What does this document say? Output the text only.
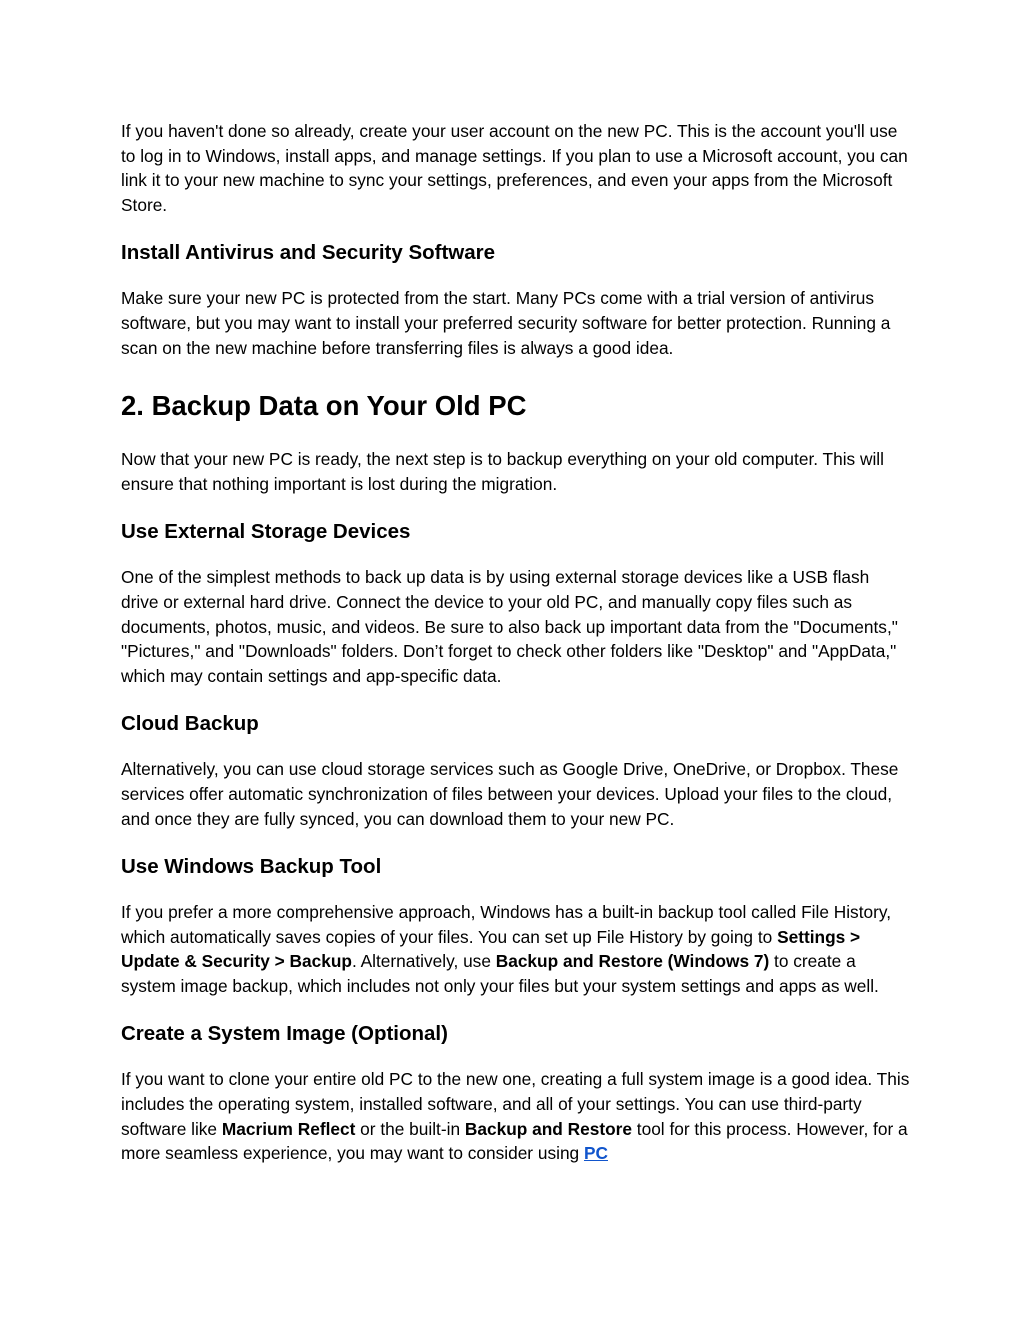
If you haven't done so already, create your user account on the new PC. This is the account you'll use to log in to Windows, install apps, and manage settings. If you plan to use a Microsoft account, you can link it to your new machine to sync your settings, preferences, and even your apps from the Microsoft Store.

Install Antivirus and Security Software

Make sure your new PC is protected from the start. Many PCs come with a trial version of antivirus software, but you may want to install your preferred security software for better protection. Running a scan on the new machine before transferring files is always a good idea.

2. Backup Data on Your Old PC

Now that your new PC is ready, the next step is to backup everything on your old computer. This will ensure that nothing important is lost during the migration.

Use External Storage Devices

One of the simplest methods to back up data is by using external storage devices like a USB flash drive or external hard drive. Connect the device to your old PC, and manually copy files such as documents, photos, music, and videos. Be sure to also back up important data from the "Documents," "Pictures," and "Downloads" folders. Don’t forget to check other folders like "Desktop" and "AppData," which may contain settings and app-specific data.

Cloud Backup

Alternatively, you can use cloud storage services such as Google Drive, OneDrive, or Dropbox. These services offer automatic synchronization of files between your devices. Upload your files to the cloud, and once they are fully synced, you can download them to your new PC.

Use Windows Backup Tool

If you prefer a more comprehensive approach, Windows has a built-in backup tool called File History, which automatically saves copies of your files. You can set up File History by going to Settings > Update & Security > Backup. Alternatively, use Backup and Restore (Windows 7) to create a system image backup, which includes not only your files but your system settings and apps as well.

Create a System Image (Optional)

If you want to clone your entire old PC to the new one, creating a full system image is a good idea. This includes the operating system, installed software, and all of your settings. You can use third-party software like Macrium Reflect or the built-in Backup and Restore tool for this process. However, for a more seamless experience, you may want to consider using PC
